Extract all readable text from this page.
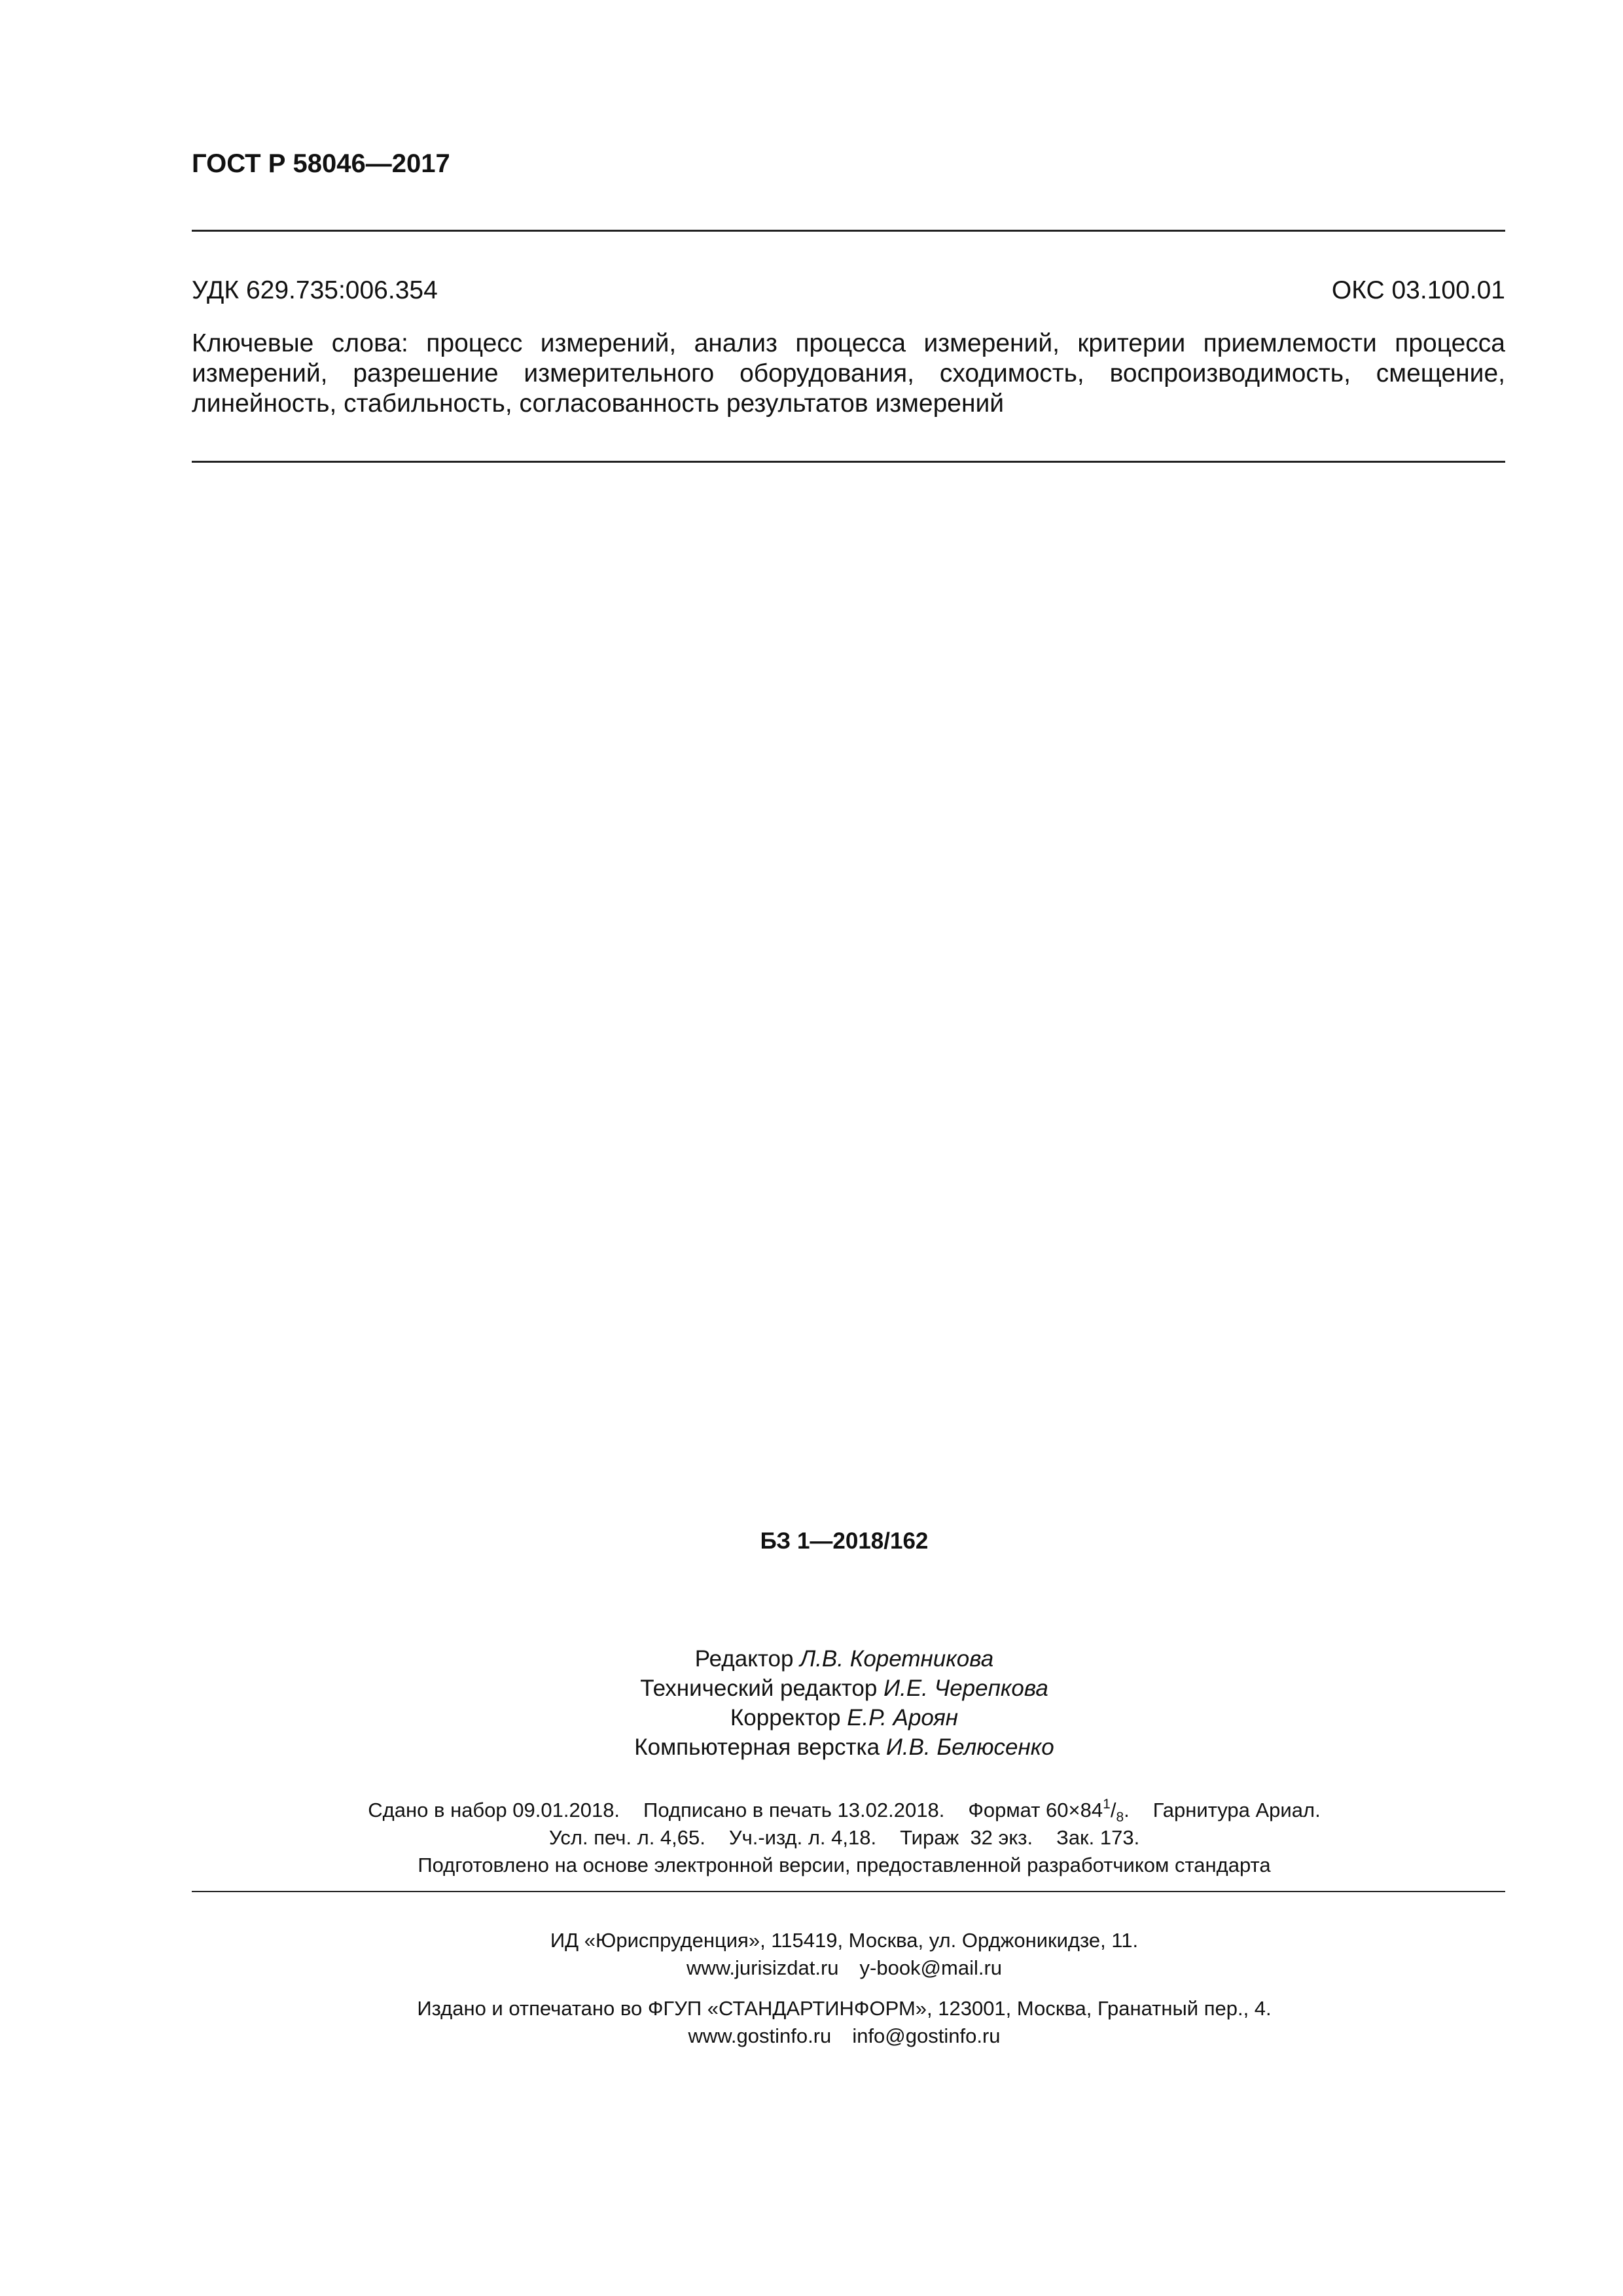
ГОСТ Р 58046—2017
УДК 629.735:006.354	ОКС 03.100.01
Ключевые слова: процесс измерений, анализ процесса измерений, критерии приемлемости процесса измерений, разрешение измерительного оборудования, сходимость, воспроизводимость, смещение, линейность, стабильность, согласованность результатов измерений
БЗ 1—2018/162
Редактор Л.В. Коретникова
Технический редактор И.Е. Черепкова
Корректор Е.Р. Ароян
Компьютерная верстка И.В. Белюсенко
Сдано в набор 09.01.2018. Подписано в печать 13.02.2018. Формат $60\times 84^1/_8$. Гарнитура Ариал.
Усл. печ. л. 4,65. Уч.-изд. л. 4,18. Тираж  32 экз. Зак. 173.
Подготовлено на основе электронной версии, предоставленной разработчиком стандарта
ИД «Юриспруденция», 115419, Москва, ул. Орджоникидзе, 11.
www.jurisizdat.ru y-book@mail.ru
Издано и отпечатано во ФГУП «СТАНДАРТИНФОРМ», 123001, Москва, Гранатный пер., 4.
www.gostinfo.ru info@gostinfo.ru
